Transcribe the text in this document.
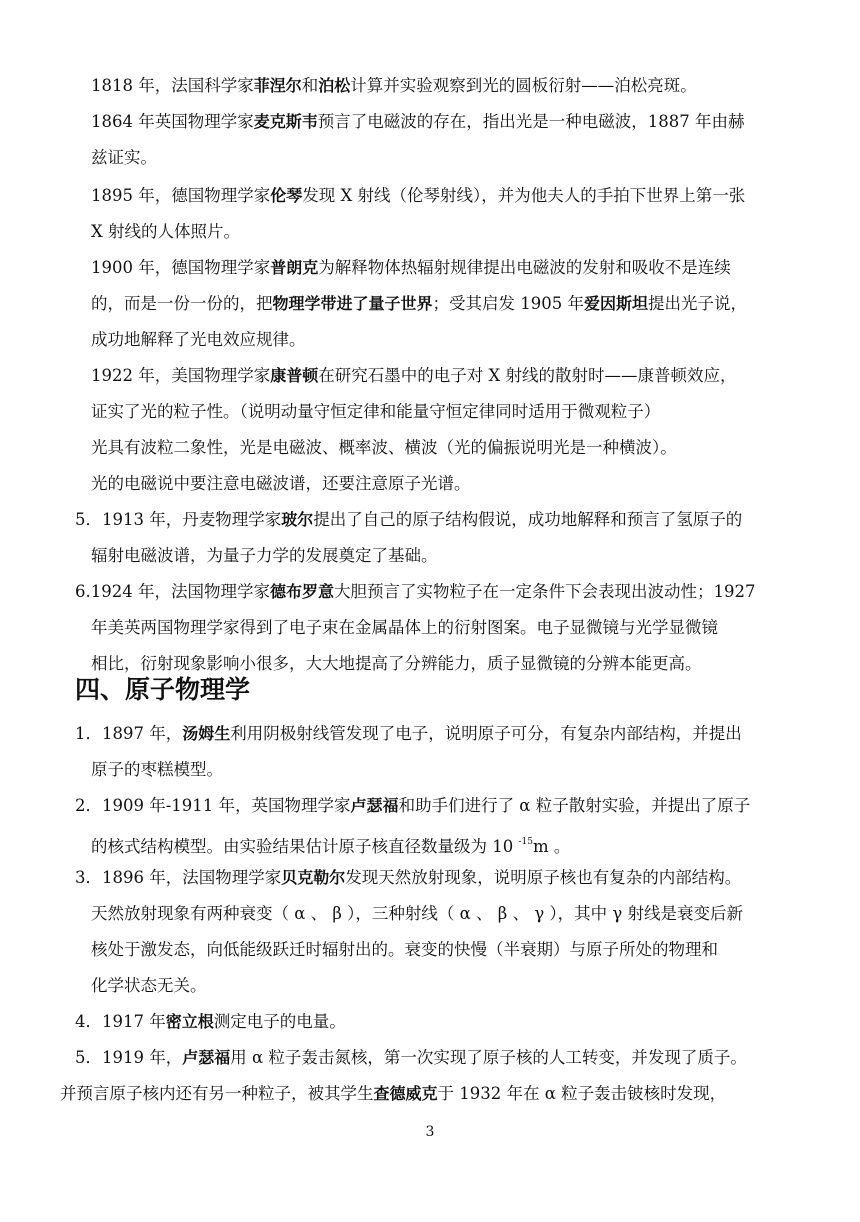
1818 年，法国科学家菲涅尔和泊松计算并实验观察到光的圆板衍射——泊松亮斑。
1864 年英国物理学家麦克斯韦预言了电磁波的存在，指出光是一种电磁波，1887 年由赫
兹证实。
1895 年，德国物理学家伦琴发现 X 射线（伦琴射线），并为他夫人的手拍下世界上第一张
X 射线的人体照片。
1900 年，德国物理学家普朗克为解释物体热辐射规律提出电磁波的发射和吸收不是连续
的，而是一份一份的，把物理学带进了量子世界；受其启发 1905 年爱因斯坦提出光子说，
成功地解释了光电效应规律。
1922 年，美国物理学家康普顿在研究石墨中的电子对 X 射线的散射时——康普顿效应，
证实了光的粒子性。（说明动量守恒定律和能量守恒定律同时适用于微观粒子）
光具有波粒二象性，光是电磁波、概率波、横波（光的偏振说明光是一种横波）。
光的电磁说中要注意电磁波谱，还要注意原子光谱。
5．1913 年，丹麦物理学家玻尔提出了自己的原子结构假说，成功地解释和预言了氢原子的
辐射电磁波谱，为量子力学的发展奠定了基础。
6.1924 年，法国物理学家德布罗意大胆预言了实物粒子在一定条件下会表现出波动性；1927
年美英两国物理学家得到了电子束在金属晶体上的衍射图案。电子显微镜与光学显微镜
相比，衍射现象影响小很多，大大地提高了分辨能力，质子显微镜的分辨本能更高。
四、原子物理学
1．1897 年，汤姆生利用阴极射线管发现了电子，说明原子可分，有复杂内部结构，并提出
原子的枣糕模型。
2．1909 年-1911 年，英国物理学家卢瑟福和助手们进行了 α 粒子散射实验，并提出了原子
的核式结构模型。由实验结果估计原子核直径数量级为 10 $^{-15}$m 。
3．1896 年，法国物理学家贝克勒尔发现天然放射现象，说明原子核也有复杂的内部结构。
天然放射现象有两种衰变（ α 、 β ），三种射线（ α 、 β 、 γ ），其中 γ 射线是衰变后新
核处于激发态，向低能级跃迁时辐射出的。衰变的快慢（半衰期）与原子所处的物理和
化学状态无关。
4．1917 年密立根测定电子的电量。
5．1919 年，卢瑟福用 α 粒子轰击氮核，第一次实现了原子核的人工转变，并发现了质子。
并预言原子核内还有另一种粒子，被其学生查德威克于 1932 年在 α 粒子轰击铍核时发现，
3
